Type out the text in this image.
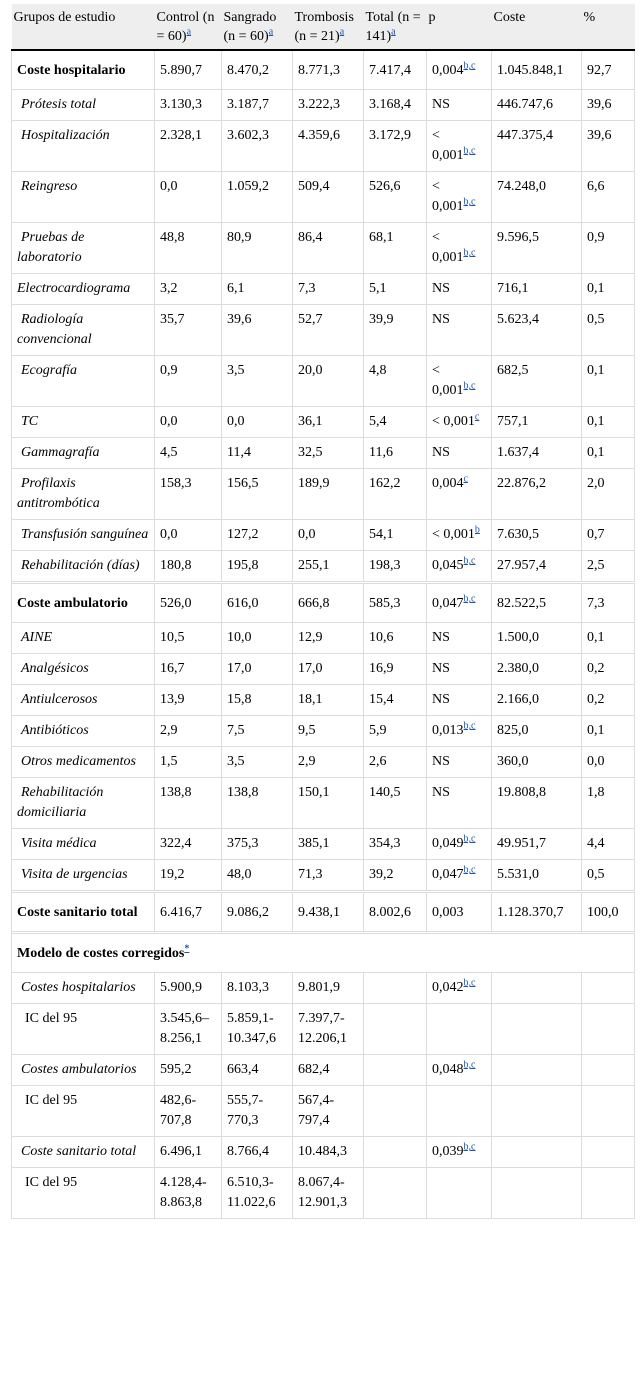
Grupos de estudio	Control (n = 60)$^a$	Sangrado (n = 60)$^a$	Trombosis (n = 21)$^a$	Total (n = 141)$^a$	p	Coste	%
Coste hospitalario	5.890,7	8.470,2	8.771,3	7.417,4	0,004$^{b,c}$	1.045.848,1	92,7
Prótesis total	3.130,3	3.187,7	3.222,3	3.168,4	NS	446.747,6	39,6
Hospitalización	2.328,1	3.602,3	4.359,6	3.172,9	< 0,001$^{b,c}$	447.375,4	39,6
Reingreso	0,0	1.059,2	509,4	526,6	< 0,001$^{b,c}$	74.248,0	6,6
Pruebas de laboratorio	48,8	80,9	86,4	68,1	< 0,001$^{b,c}$	9.596,5	0,9
Electrocardiograma	3,2	6,1	7,3	5,1	NS	716,1	0,1
Radiología convencional	35,7	39,6	52,7	39,9	NS	5.623,4	0,5
Ecografía	0,9	3,5	20,0	4,8	< 0,001$^{b,c}$	682,5	0,1
TC	0,0	0,0	36,1	5,4	< 0,001$^c$	757,1	0,1
Gammagrafía	4,5	11,4	32,5	11,6	NS	1.637,4	0,1
Profilaxis antitrombótica	158,3	156,5	189,9	162,2	0,004$^c$	22.876,2	2,0
Transfusión sanguínea	0,0	127,2	0,0	54,1	< 0,001$^b$	7.630,5	0,7
Rehabilitación (días)	180,8	195,8	255,1	198,3	0,045$^{b,c}$	27.957,4	2,5

Coste ambulatorio	526,0	616,0	666,8	585,3	0,047$^{b,c}$	82.522,5	7,3
AINE	10,5	10,0	12,9	10,6	NS	1.500,0	0,1
Analgésicos	16,7	17,0	17,0	16,9	NS	2.380,0	0,2
Antiulcerosos	13,9	15,8	18,1	15,4	NS	2.166,0	0,2
Antibióticos	2,9	7,5	9,5	5,9	0,013$^{b,c}$	825,0	0,1
Otros medicamentos	1,5	3,5	2,9	2,6	NS	360,0	0,0
Rehabilitación domiciliaria	138,8	138,8	150,1	140,5	NS	19.808,8	1,8
Visita médica	322,4	375,3	385,1	354,3	0,049$^{b,c}$	49.951,7	4,4
Visita de urgencias	19,2	48,0	71,3	39,2	0,047$^{b,c}$	5.531,0	0,5

Coste sanitario total	6.416,7	9.086,2	9.438,1	8.002,6	0,003	1.128.370,7	100,0

Modelo de costes corregidos*
Costes hospitalarios	5.900,9	8.103,3	9.801,9		0,042$^{b,c}$		
IC del 95	3.545,6–8.256,1	5.859,1-10.347,6	7.397,7-12.206,1				
Costes ambulatorios	595,2	663,4	682,4		0,048$^{b,c}$		
IC del 95	482,6-707,8	555,7-770,3	567,4-797,4				
Coste sanitario total	6.496,1	8.766,4	10.484,3		0,039$^{b,c}$		
IC del 95	4.128,4-8.863,8	6.510,3-11.022,6	8.067,4-12.901,3				
